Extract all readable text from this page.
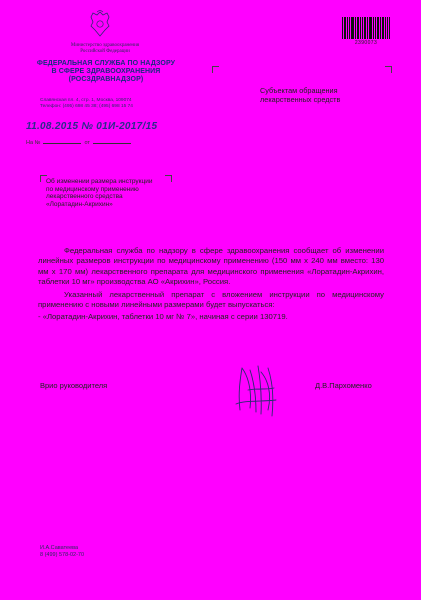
Министерство здравоохранения
Российской Федерации
ФЕДЕРАЛЬНАЯ СЛУЖБА ПО НАДЗОРУ
В СФЕРЕ ЗДРАВООХРАНЕНИЯ
(РОСЗДРАВНАДЗОР)
Славянская пл. 4, стр. 1, Москва, 109074
Телефон: (495) 698 45 38; (495) 698 15 74
11.08.2015 № 01И-2017/15
На №	от
2390073
Субъектам обращения
лекарственных средств
Об изменении размера инструкции
по медицинскому применению
лекарственного средства
«Лоратадин-Акрихин»

Федеральная служба по надзору в сфере здравоохранения сообщает об изменении линейных размеров инструкции по медицинскому применению (150 мм х 240 мм вместо: 130 мм х 170 мм) лекарственного препарата для медицинского применения «Лоратадин-Акрихин, таблетки 10 мг» производства АО «Акрихин», Россия.

Указанный лекарственный препарат с вложением инструкции по медицинскому применению с новыми линейными размерами будет выпускаться:

- «Лоратадин-Акрихин, таблетки 10 мг № 7», начиная с серии 130719.

Врио руководителя	Д.В.Пархоменко
И.А.Саватеева
8 (499) 578-02-70
